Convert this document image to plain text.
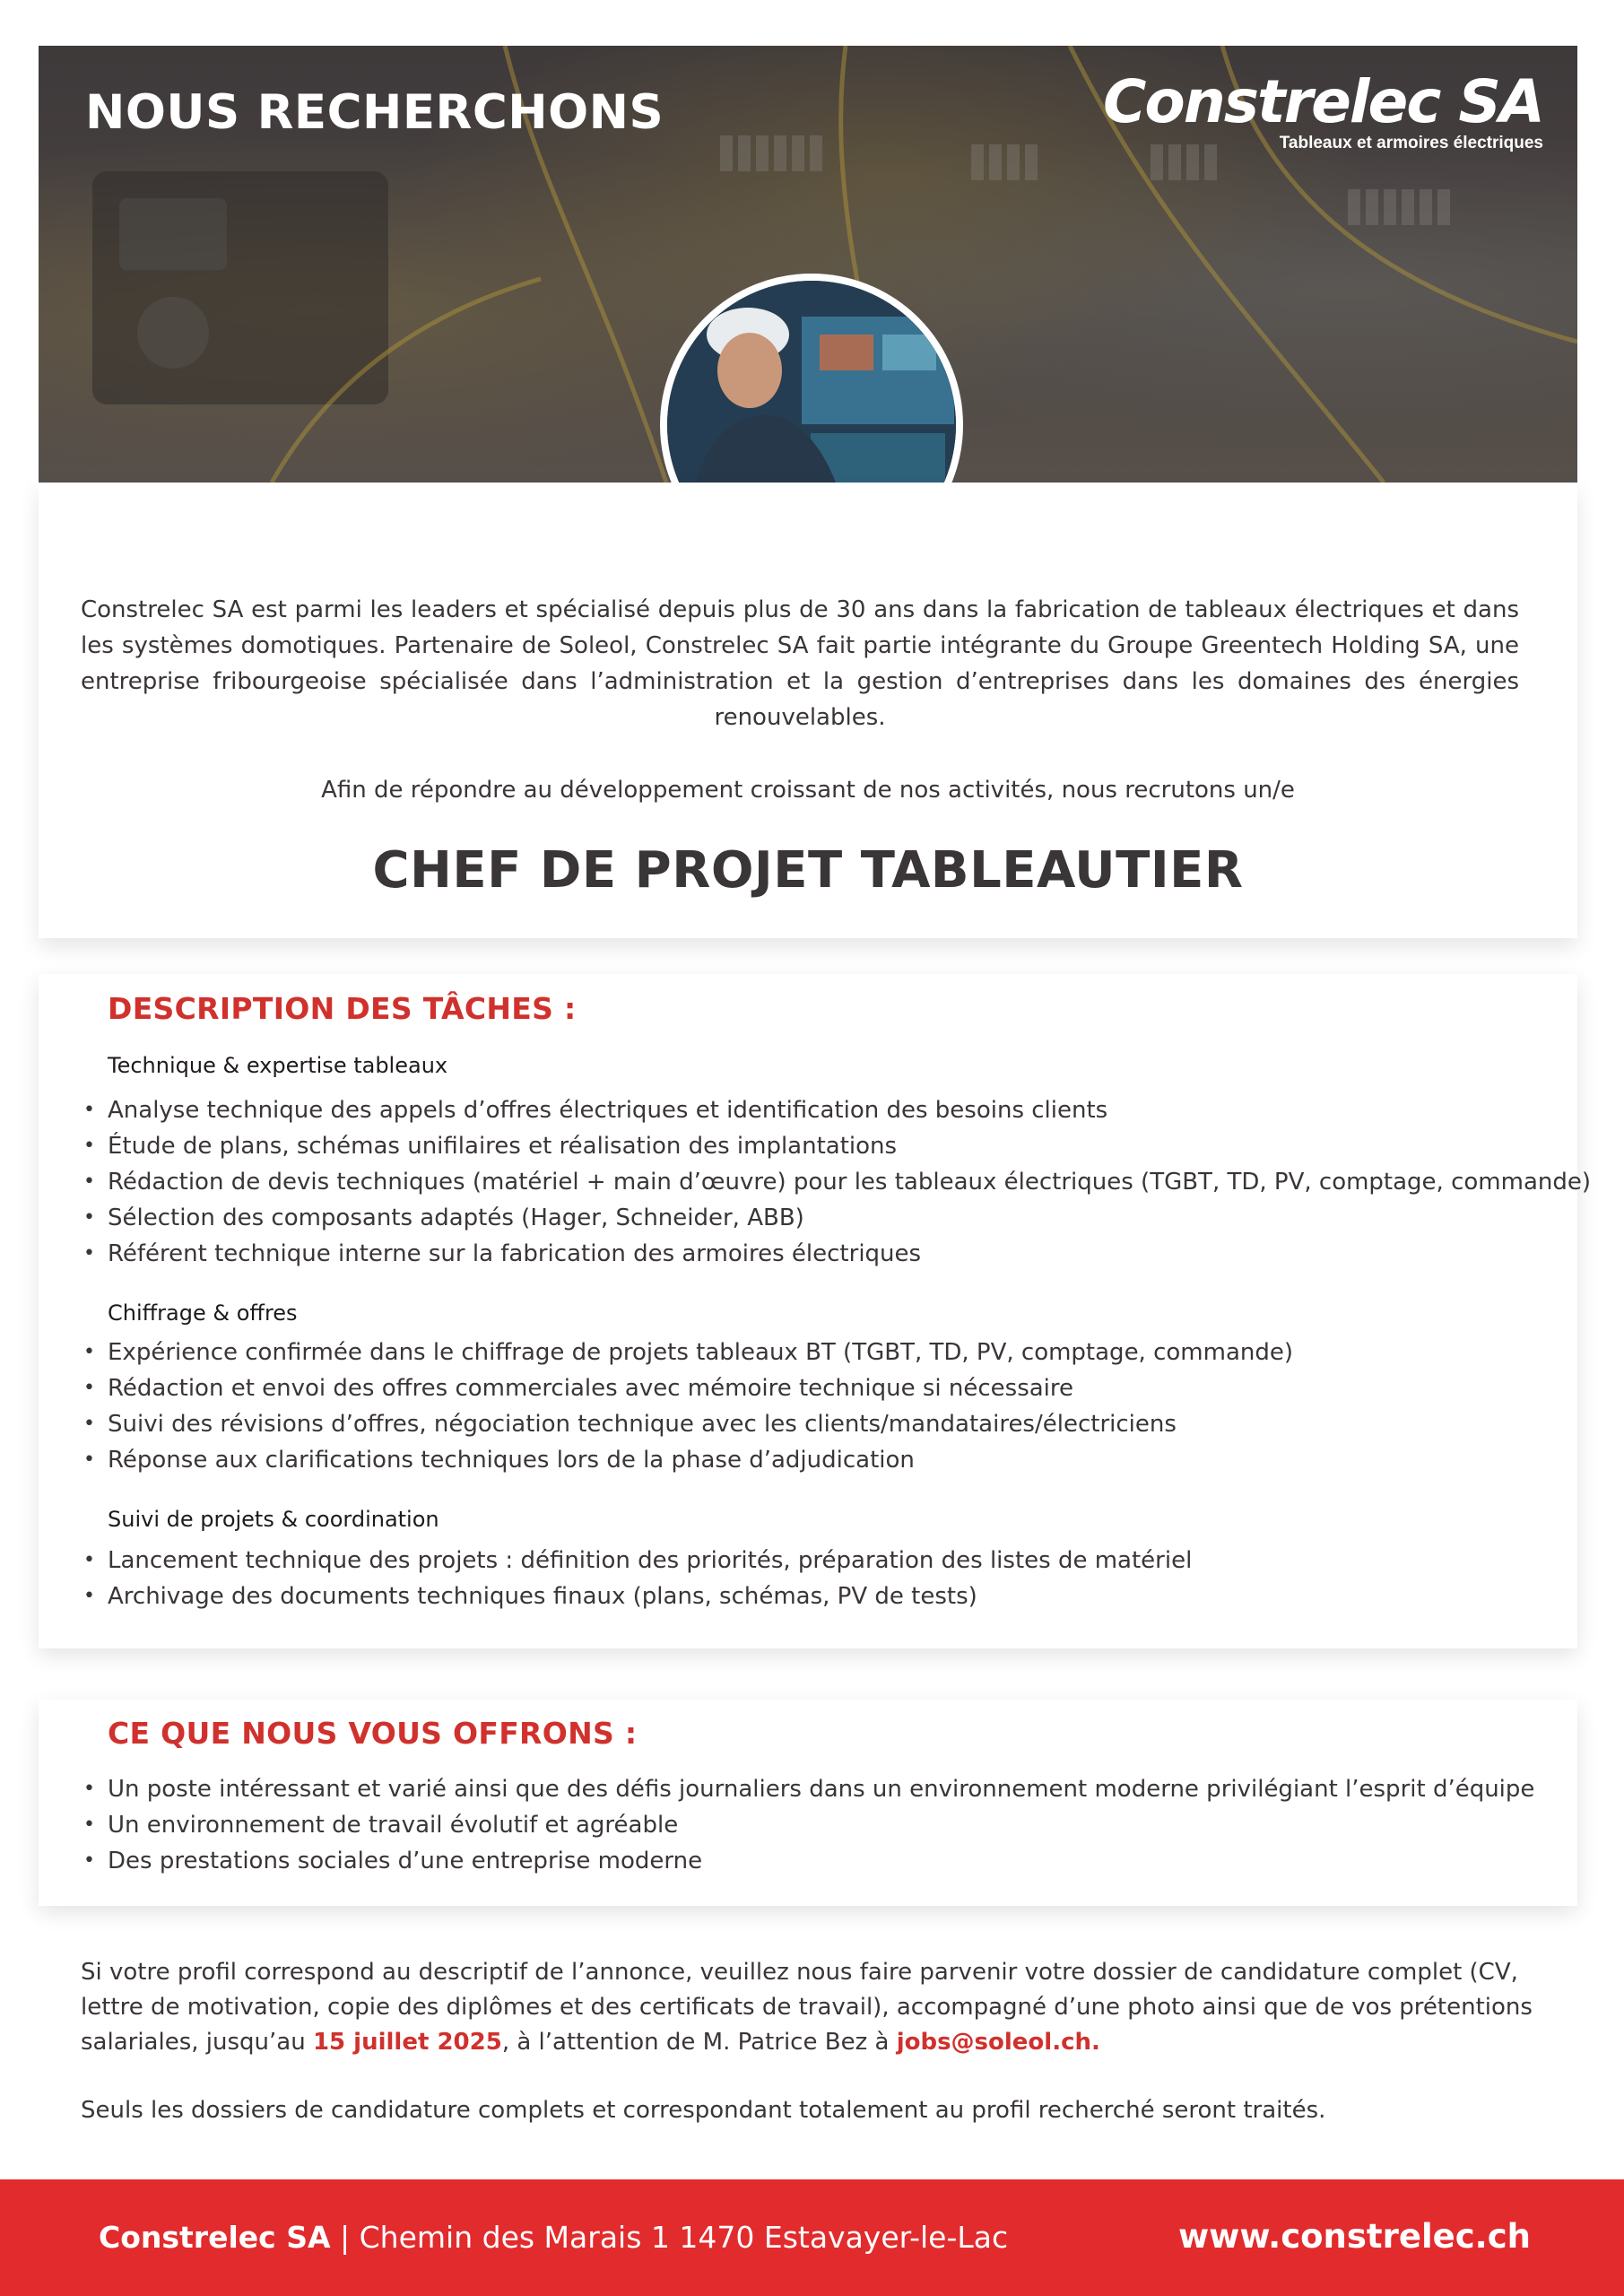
NOUS RECHERCHONS	Constrelec SA
Tableaux et armoires électriques

Constrelec SA est parmi les leaders et spécialisé depuis plus de 30 ans dans la fabrication de tableaux électriques et dans les systèmes domotiques. Partenaire de Soleol, Constrelec SA fait partie intégrante du Groupe Greentech Holding SA, une entreprise fribourgeoise spécialisée dans l’administration et la gestion d’entreprises dans les domaines des énergies renouvelables.

Afin de répondre au développement croissant de nos activités, nous recrutons un/e

CHEF DE PROJET TABLEAUTIER
DESCRIPTION DES TÂCHES :
Technique & expertise tableaux
• Analyse technique des appels d’offres électriques et identification des besoins clients
• Étude de plans, schémas unifilaires et réalisation des implantations
• Rédaction de devis techniques (matériel + main d’œuvre) pour les tableaux électriques (TGBT, TD, PV, comptage, commande)
• Sélection des composants adaptés (Hager, Schneider, ABB)
• Référent technique interne sur la fabrication des armoires électriques
Chiffrage & offres
• Expérience confirmée dans le chiffrage de projets tableaux BT (TGBT, TD, PV, comptage, commande)
• Rédaction et envoi des offres commerciales avec mémoire technique si nécessaire
• Suivi des révisions d’offres, négociation technique avec les clients/mandataires/électriciens
• Réponse aux clarifications techniques lors de la phase d’adjudication
Suivi de projets & coordination
• Lancement technique des projets : définition des priorités, préparation des listes de matériel
• Archivage des documents techniques finaux (plans, schémas, PV de tests)
CE QUE NOUS VOUS OFFRONS :
• Un poste intéressant et varié ainsi que des défis journaliers dans un environnement moderne privilégiant l’esprit d’équipe
• Un environnement de travail évolutif et agréable
• Des prestations sociales d’une entreprise moderne

Si votre profil correspond au descriptif de l’annonce, veuillez nous faire parvenir votre dossier de candidature complet (CV, lettre de motivation, copie des diplômes et des certificats de travail), accompagné d’une photo ainsi que de vos prétentions salariales, jusqu’au 15 juillet 2025, à l’attention de M. Patrice Bez à jobs@soleol.ch.

Seuls les dossiers de candidature complets et correspondant totalement au profil recherché seront traités.

Constrelec SA | Chemin des Marais 1 1470 Estavayer-le-Lac	www.constrelec.ch
